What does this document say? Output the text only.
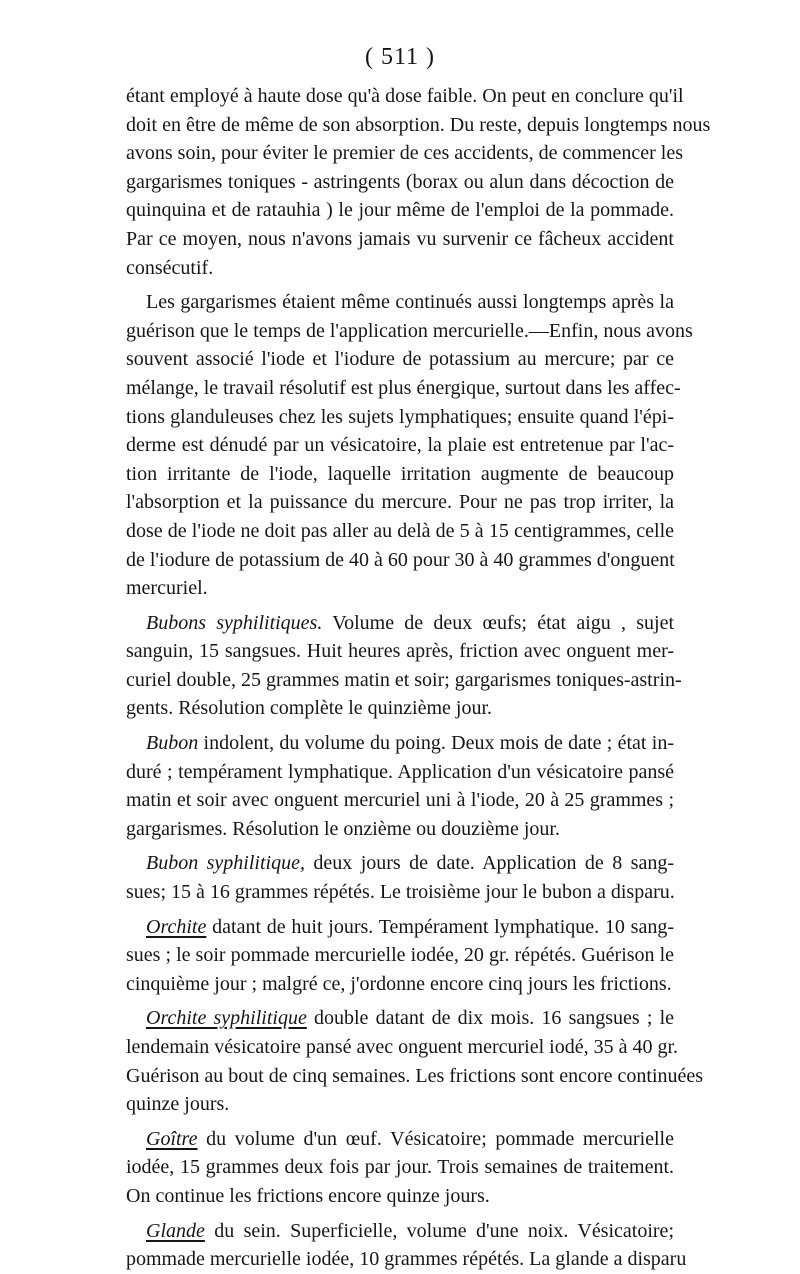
( 511 )

étant employé à haute dose qu'à dose faible. On peut en conclure qu'il
doit en être de même de son absorption. Du reste, depuis longtemps nous
avons soin, pour éviter le premier de ces accidents, de commencer les
gargarismes toniques - astringents (borax ou alun dans décoction de
quinquina et de ratauhia ) le jour même de l'emploi de la pommade.
Par ce moyen, nous n'avons jamais vu survenir ce fâcheux accident
consécutif.

Les gargarismes étaient même continués aussi longtemps après la
guérison que le temps de l'application mercurielle.—Enfin, nous avons
souvent associé l'iode et l'iodure de potassium au mercure; par ce
mélange, le travail résolutif est plus énergique, surtout dans les affec-
tions glanduleuses chez les sujets lymphatiques; ensuite quand l'épi-
derme est dénudé par un vésicatoire, la plaie est entretenue par l'ac-
tion irritante de l'iode, laquelle irritation augmente de beaucoup
l'absorption et la puissance du mercure. Pour ne pas trop irriter, la
dose de l'iode ne doit pas aller au delà de 5 à 15 centigrammes, celle
de l'iodure de potassium de 40 à 60 pour 30 à 40 grammes d'onguent
mercuriel.

Bubons syphilitiques. Volume de deux œufs; état aigu , sujet
sanguin, 15 sangsues. Huit heures après, friction avec onguent mer-
curiel double, 25 grammes matin et soir; gargarismes toniques-astrin-
gents. Résolution complète le quinzième jour.

Bubon indolent, du volume du poing. Deux mois de date ; état in-
duré ; tempérament lymphatique. Application d'un vésicatoire pansé
matin et soir avec onguent mercuriel uni à l'iode, 20 à 25 grammes ;
gargarismes. Résolution le onzième ou douzième jour.

Bubon syphilitique, deux jours de date. Application de 8 sang-
sues; 15 à 16 grammes répétés. Le troisième jour le bubon a disparu.

Orchite datant de huit jours. Tempérament lymphatique. 10 sang-
sues ; le soir pommade mercurielle iodée, 20 gr. répétés. Guérison le
cinquième jour ; malgré ce, j'ordonne encore cinq jours les frictions.

Orchite syphilitique double datant de dix mois. 16 sangsues ; le
lendemain vésicatoire pansé avec onguent mercuriel iodé, 35 à 40 gr.
Guérison au bout de cinq semaines. Les frictions sont encore continuées
quinze jours.

Goître du volume d'un œuf. Vésicatoire; pommade mercurielle
iodée, 15 grammes deux fois par jour. Trois semaines de traitement.
On continue les frictions encore quinze jours.

Glande du sein. Superficielle, volume d'une noix. Vésicatoire;
pommade mercurielle iodée, 10 grammes répétés. La glande a disparu
